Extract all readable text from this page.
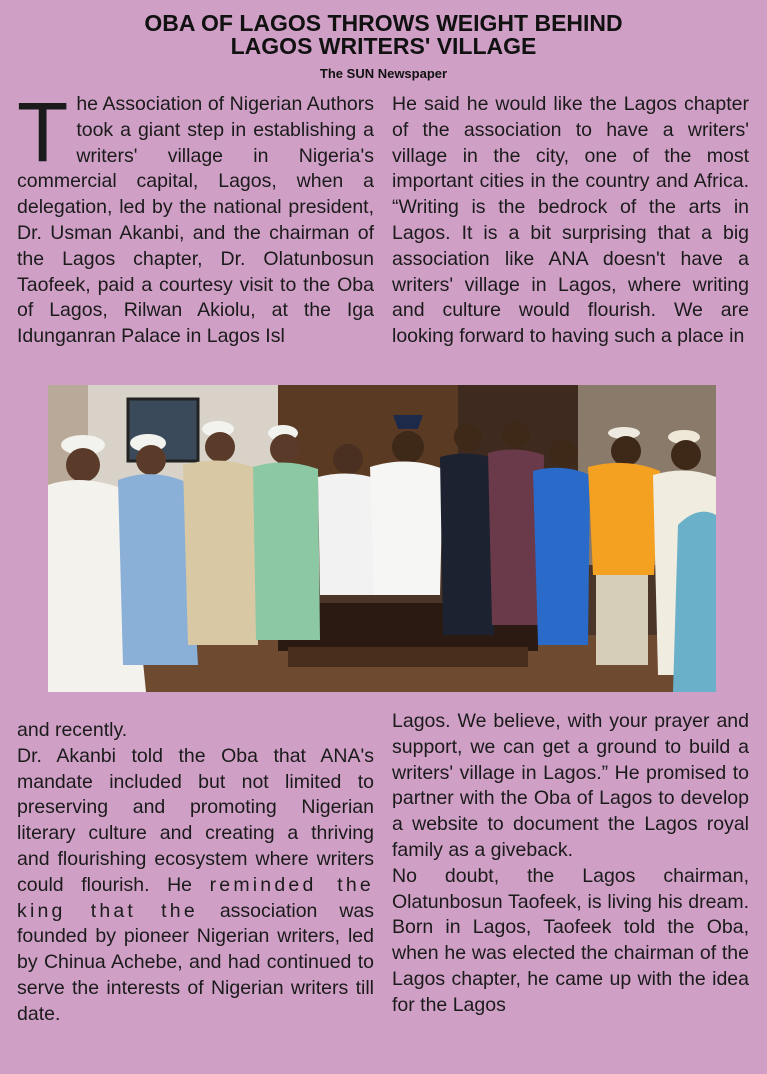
OBA OF LAGOS THROWS WEIGHT BEHIND
LAGOS WRITERS' VILLAGE
The SUN Newspaper

The Association of Nigerian Authors took a giant step in establishing a writers' village in Nigeria's commercial capital, Lagos, when a delegation, led by the national president, Dr. Usman Akanbi, and the chairman of the Lagos chapter, Dr. Olatunbosun Taofeek, paid a courtesy visit to the Oba of Lagos, Rilwan Akiolu, at the Iga Idunganran Palace in Lagos Isl

He said he would like the Lagos chapter of the association to have a writers' village in the city, one of the most important cities in the country and Africa. “Writing is the bedrock of the arts in Lagos. It is a bit surprising that a big association like ANA doesn't have a writers' village in Lagos, where writing and culture would flourish. We are looking forward to having such a place in

and recently.

Dr. Akanbi told the Oba that ANA's mandate included but not limited to preserving and promoting Nigerian literary culture and creating a thriving and flourishing ecosystem where writers could flourish. He reminded the king that the association was founded by pioneer Nigerian writers, led by Chinua Achebe, and had continued to serve the interests of Nigerian writers till date.

Lagos. We believe, with your prayer and support, we can get a ground to build a writers' village in Lagos.” He promised to partner with the Oba of Lagos to develop a website to document the Lagos royal family as a giveback.

No doubt, the Lagos chairman, Olatunbosun Taofeek, is living his dream. Born in Lagos, Taofeek told the Oba, when he was elected the chairman of the Lagos chapter, he came up with the idea for the Lagos
